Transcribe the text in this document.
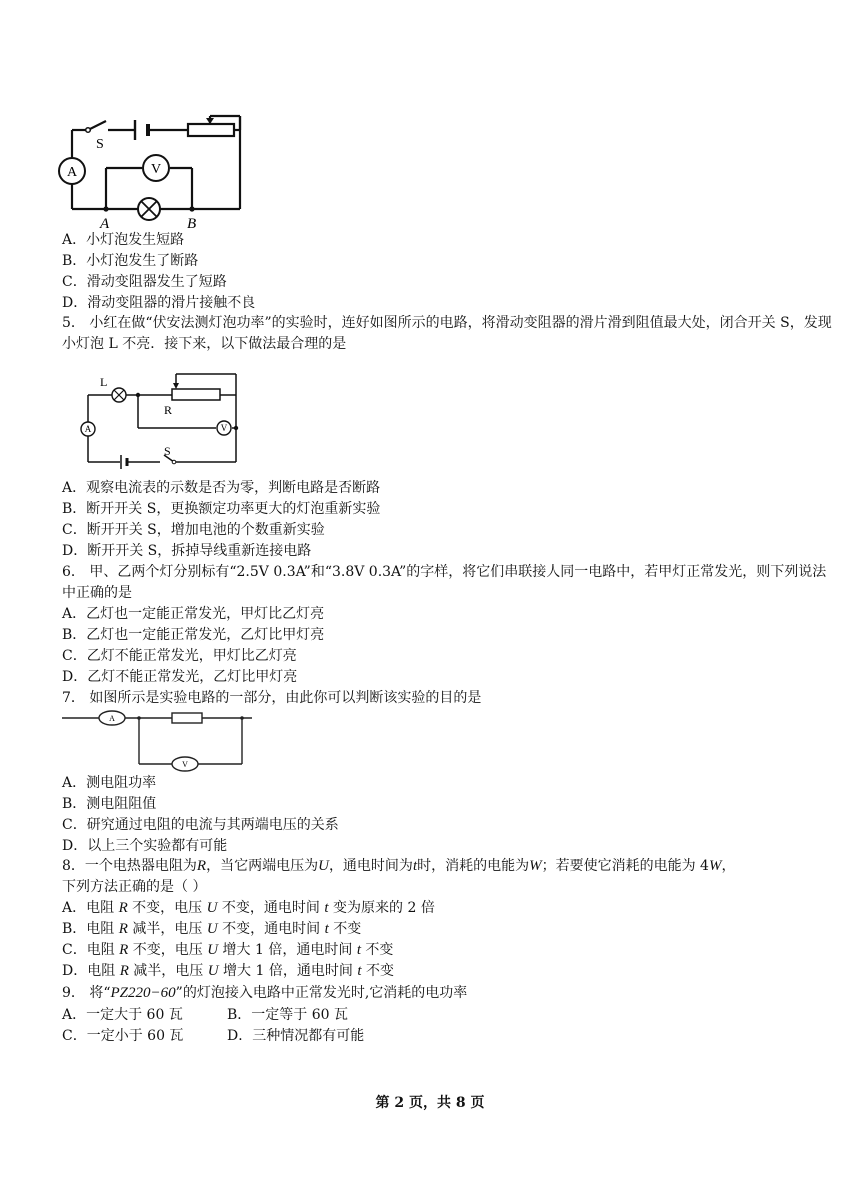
S
A	V
A	B
A．小灯泡发生短路
B．小灯泡发生了断路
C．滑动变阻器发生了短路
D．滑动变阻器的滑片接触不良
5． 小红在做“伏安法测灯泡功率”的实验时，连好如图所示的电路，将滑动变阻器的滑片滑到阻值最大处，闭合开关 S，发现小灯泡 L 不亮．接下来，以下做法最合理的是
L
R
A	V
S
A．观察电流表的示数是否为零，判断电路是否断路
B．断开开关 S，更换额定功率更大的灯泡重新实验
C．断开开关 S，增加电池的个数重新实验
D．断开开关 S，拆掉导线重新连接电路
6． 甲、乙两个灯分别标有“2.5V 0.3A”和“3.8V 0.3A”的字样，将它们串联接人同一电路中，若甲灯正常发光，则下列说法中正确的是
A．乙灯也一定能正常发光，甲灯比乙灯亮
B．乙灯也一定能正常发光，乙灯比甲灯亮
C．乙灯不能正常发光，甲灯比乙灯亮
D．乙灯不能正常发光，乙灯比甲灯亮
7． 如图所示是实验电路的一部分，由此你可以判断该实验的目的是
A
V
A．测电阻功率
B．测电阻阻值
C．研究通过电阻的电流与其两端电压的关系
D．以上三个实验都有可能
8．一个电热器电阻为R，当它两端电压为U，通电时间为t时，消耗的电能为W；若要使它消耗的电能为 4W，
下列方法正确的是（ ）
A．电阻 R 不变，电压 U 不变，通电时间 t 变为原来的 2 倍
B．电阻 R 减半，电压 U 不变，通电时间 t 不变
C．电阻 R 不变，电压 U 增大 1 倍，通电时间 t 不变
D．电阻 R 减半，电压 U 增大 1 倍，通电时间 t 不变
9． 将“PZ220−60”的灯泡接入电路中正常发光时,它消耗的电功率
A．一定大于 60 瓦	B．一定等于 60 瓦
C．一定小于 60 瓦	D．三种情况都有可能
第 2 页，共 8 页
